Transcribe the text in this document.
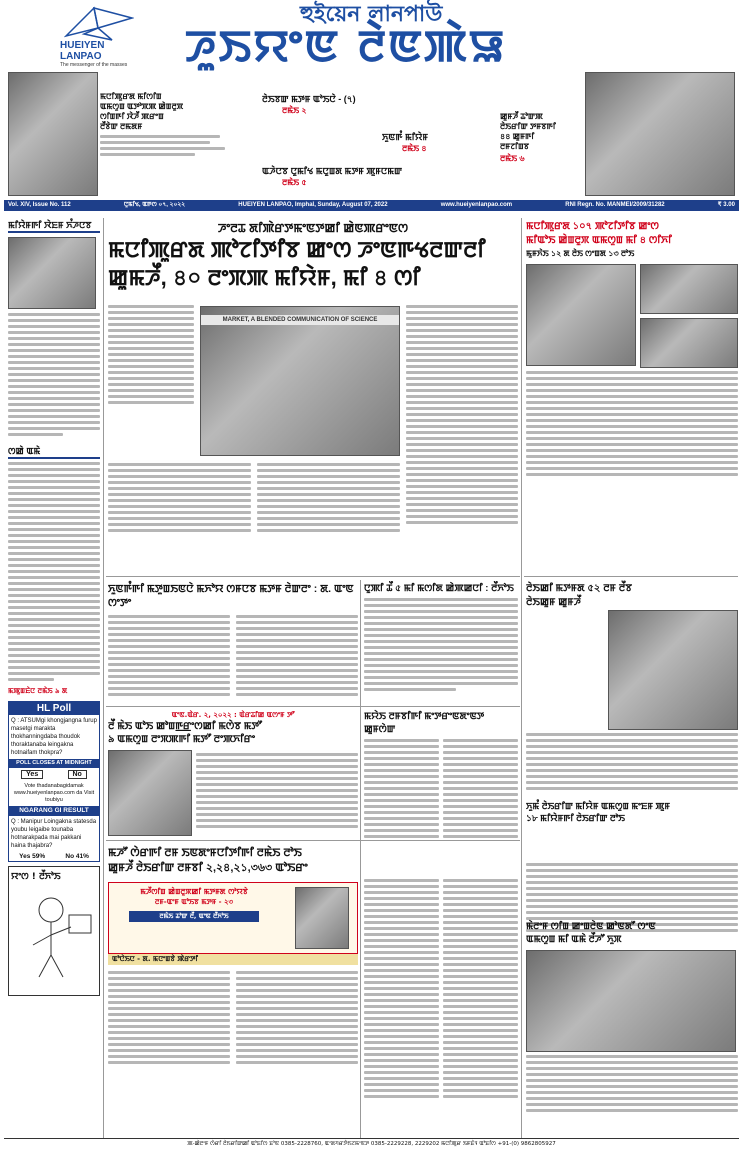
HUEIYEN LANPAO
The messenger of the masses
হুইয়েন লানপাউ
ꯍꯨꯏꯌꯦꯟ ꯂꯥꯟꯄꯥꯎ
ꯃꯅꯤꯄꯨꯔꯗ ꯃꯤꯁꯤꯡ
ꯑꯃꯁꯨꯡ ꯑꯇꯣꯞꯄ ꯀꯥꯡꯂꯨꯞ
ꯁꯤꯡꯒꯤ ꯋꯥꯍꯩ ꯄꯔꯦꯡ
ꯂꯩꯕꯥꯛ ꯂꯃꯗꯝ
ꯂꯥꯏꯕꯛ ꯃꯇꯝ ꯑꯣꯏꯅꯥ - (৭)
ꯂꯃꯥꯏ ২
ꯈꯨꯟꯒꯪ ꯃꯤꯌꯥꯝ
ꯂꯃꯥꯏ ৪
ꯑꯍꯥꯅꯕ ꯅꯨꯃꯤꯠ ꯃꯅꯨꯡꯗ ꯃꯇꯝ ꯄꯨꯝꯅꯃꯛ
ꯂꯃꯥꯏ ৫
ꯀꯨꯝꯍꯩ ꯊꯣꯛꯄ
ꯂꯥꯏꯔꯤꯛ ꯇꯝꯕꯒꯤ
৪৪ ꯀꯨꯝꯒꯤ
ꯂꯝꯖꯤꯡꯕ
ꯂꯃꯥꯏ ৬
Vol. XIV, Issue No. 112	ꯅꯨꯃꯤꯠ, ꯑꯒꯁ ০৭, ২০২২	HUEIYEN LANPAO, Imphal, Sunday, August 07, 2022	www.hueiyenlanpao.com	RNI Regn. No. MANMEI/2009/31282	₹ 3.00
ꯃꯤꯌꯥꯝꯒꯤ ꯋꯥꯐꯝ ꯈꯪꯍꯅꯕ
ꯁꯀꯥ ꯑꯃꯥ
ꯃꯄꯨꯡꯐꯥꯅ ꯂꯃꯥꯏ ৯ ꯗ
HL Poll
Q : ATSUMgi khongjangna furup masetgi marakta thokhanningdaba thoudok thoraktanaba leingakna hotnaifam thokpra?
POLL CLOSES AT MIDNIGHT
Yes	No
Vote thadanabagidamak www.hueiyenlanpao.com da Visit toubiyu
NGARANG GI RESULT
Q : Manipur Loingakna statesda youbu leigaibe tounaba hotnarakpada mai pakkani haina thajabra?
Yes 59%	No 41%
ꯌꯦꯁ ! ꯂꯩꯈꯣꯏ
ꯍꯦꯂꯊ ꯗꯤꯄꯥꯔꯇꯃꯦꯟꯇꯀꯤ ꯀꯥꯟꯄꯔꯦꯟꯁ
ꯃꯅꯤꯄꯨꯔꯗ ꯄꯣꯖꯤꯇꯤꯕ ꯀꯦꯁ ꯍꯦꯟꯒꯠꯂꯛꯂꯤ
ꯀꯨꯃꯍꯩ, ৪০ ꯂꯦꯞꯄ ꯃꯤꯌꯥꯝ, ꯃꯤ ৪ ꯁꯤ
MARKET, A BLENDED COMMUNICATION OF SCIENCE
ꯈꯨꯟꯒꯪꯒꯤ ꯃꯇꯨꯡꯏꯟꯅꯥ ꯃꯈꯣꯌ ꯁꯝꯅꯕ ꯃꯇꯝ ꯂꯥꯛꯂꯦ : ꯗ. ꯑꯦꯟ ꯁꯦꯇꯦ
ꯅꯨꯄꯤ ꯊꯩ ৫ ꯃꯤ ꯃꯁꯤꯗ ꯀꯥꯄꯀꯅꯤ : ꯂꯩꯈꯣꯏ
ꯑꯦꯟ.ꯑꯥꯔ. ২, ২০২২ : ꯑꯥꯔꯊꯤꯀ ꯑꯁꯦꯝ ꯇꯧ
ꯂꯩ ꯃꯥꯏ ꯑꯣꯏ ꯀꯣꯡꯒ꯭ꯔꯦꯁꯀꯤ ꯃꯁꯥꯕ ꯃꯇꯧ
৯ ꯑꯃꯁꯨꯡ ꯂꯦꯞꯄꯒꯤ ꯃꯇꯧ ꯂꯦꯄꯈꯤꯔꯦ
ꯃꯌꯥꯏ ꯂꯝꯕꯤꯒꯤ ꯃꯦꯇꯔꯦꯟꯗꯦꯟꯇ ꯀꯨꯝꯁꯥꯛ
ꯃꯍꯧ ꯁꯥꯔꯒꯤ ꯂꯝ ꯏꯟꯗꯦꯝꯅꯤꯇꯤꯒꯤ ꯂꯃꯥꯏ ꯂꯣꯏ
ꯀꯨꯝꯍꯩ ꯂꯥꯏꯔꯤꯛ ꯂꯝꯕꯤ ২,২৪,২১,৩৬৩ ꯑꯣꯏꯔꯦ
ꯃꯍꯩꯁꯤꯡ ꯀꯥꯡꯂꯨꯞꯀꯤ ꯃꯇꯝꯗ ꯁꯣꯌꯕꯥ
ꯂꯝ-ꯑꯦꯝ ꯑꯣꯏꯕ ꯃꯇꯝ - ২৩
ꯂꯃꯥꯏ ꯊꯣꯛ ꯂꯩ, ꯑꯦꯟ ꯂꯩꯈꯣꯏ
ꯑꯣꯅꯥꯏꯅ - ꯗ. ꯃꯅꯦꯡꯕꯥ ꯄꯥꯔꯇꯤ
ꯃꯅꯤꯄꯨꯔꯗ ১০৭ ꯄꯣꯖꯤꯇꯤꯕ ꯀꯦꯁ
ꯃꯤꯑꯣꯏ ꯀꯥꯡꯂꯨꯞ ꯑꯃꯁꯨꯡ ꯃꯤ ৪ ꯁꯤꯈꯤ
ꯃꯨꯝꯈꯥꯏ ১২ ꯗ ꯂꯥꯏ ꯁꯦꯡꯗ ১৩ ꯂꯣꯏ
ꯂꯥꯏꯀꯤ ꯃꯇꯝꯗ ৫২ ꯂꯝ ꯂꯩꯕ
ꯂꯥꯏꯀꯨꯝ ꯀꯨꯝꯍꯩ
ꯃꯥꯂꯦꯝ ꯁꯤꯡ ꯀꯦꯡꯂꯥꯟ ꯀꯣꯟꯗꯧ ꯁꯦꯟ
ꯑꯃꯁꯨꯡ ꯃꯤ ꯑꯃꯥ ꯂꯩꯍꯧ ꯈꯨꯞ
ꯈꯨꯃꯪ ꯂꯥꯏꯔꯤꯛ ꯃꯤꯌꯥꯝ ꯑꯃꯁꯨꯡ ꯃꯦꯐꯝ ꯄꯨꯝ
১৮ ꯃꯤꯌꯥꯝꯒꯤ ꯂꯥꯏꯔꯤꯛ ꯂꯣꯏ
ꯄ-ꯀꯥꯂꯦꯝ ꯁꯥꯔꯤ ꯂꯥꯏꯔꯤꯛꯀꯤ ꯑꯣꯐꯤꯁ ꯐꯣꯟ 0385-2228760, ꯑꯦꯗꯚꯔꯇꯥꯏꯖꯃꯦꯟꯇ 0385-2229228, 2229202 ꯃꯅꯤꯄꯨꯔ ꯏꯝꯐꯥꯜ ꯑꯣꯐꯤꯁ +91-(0) 9862805927
